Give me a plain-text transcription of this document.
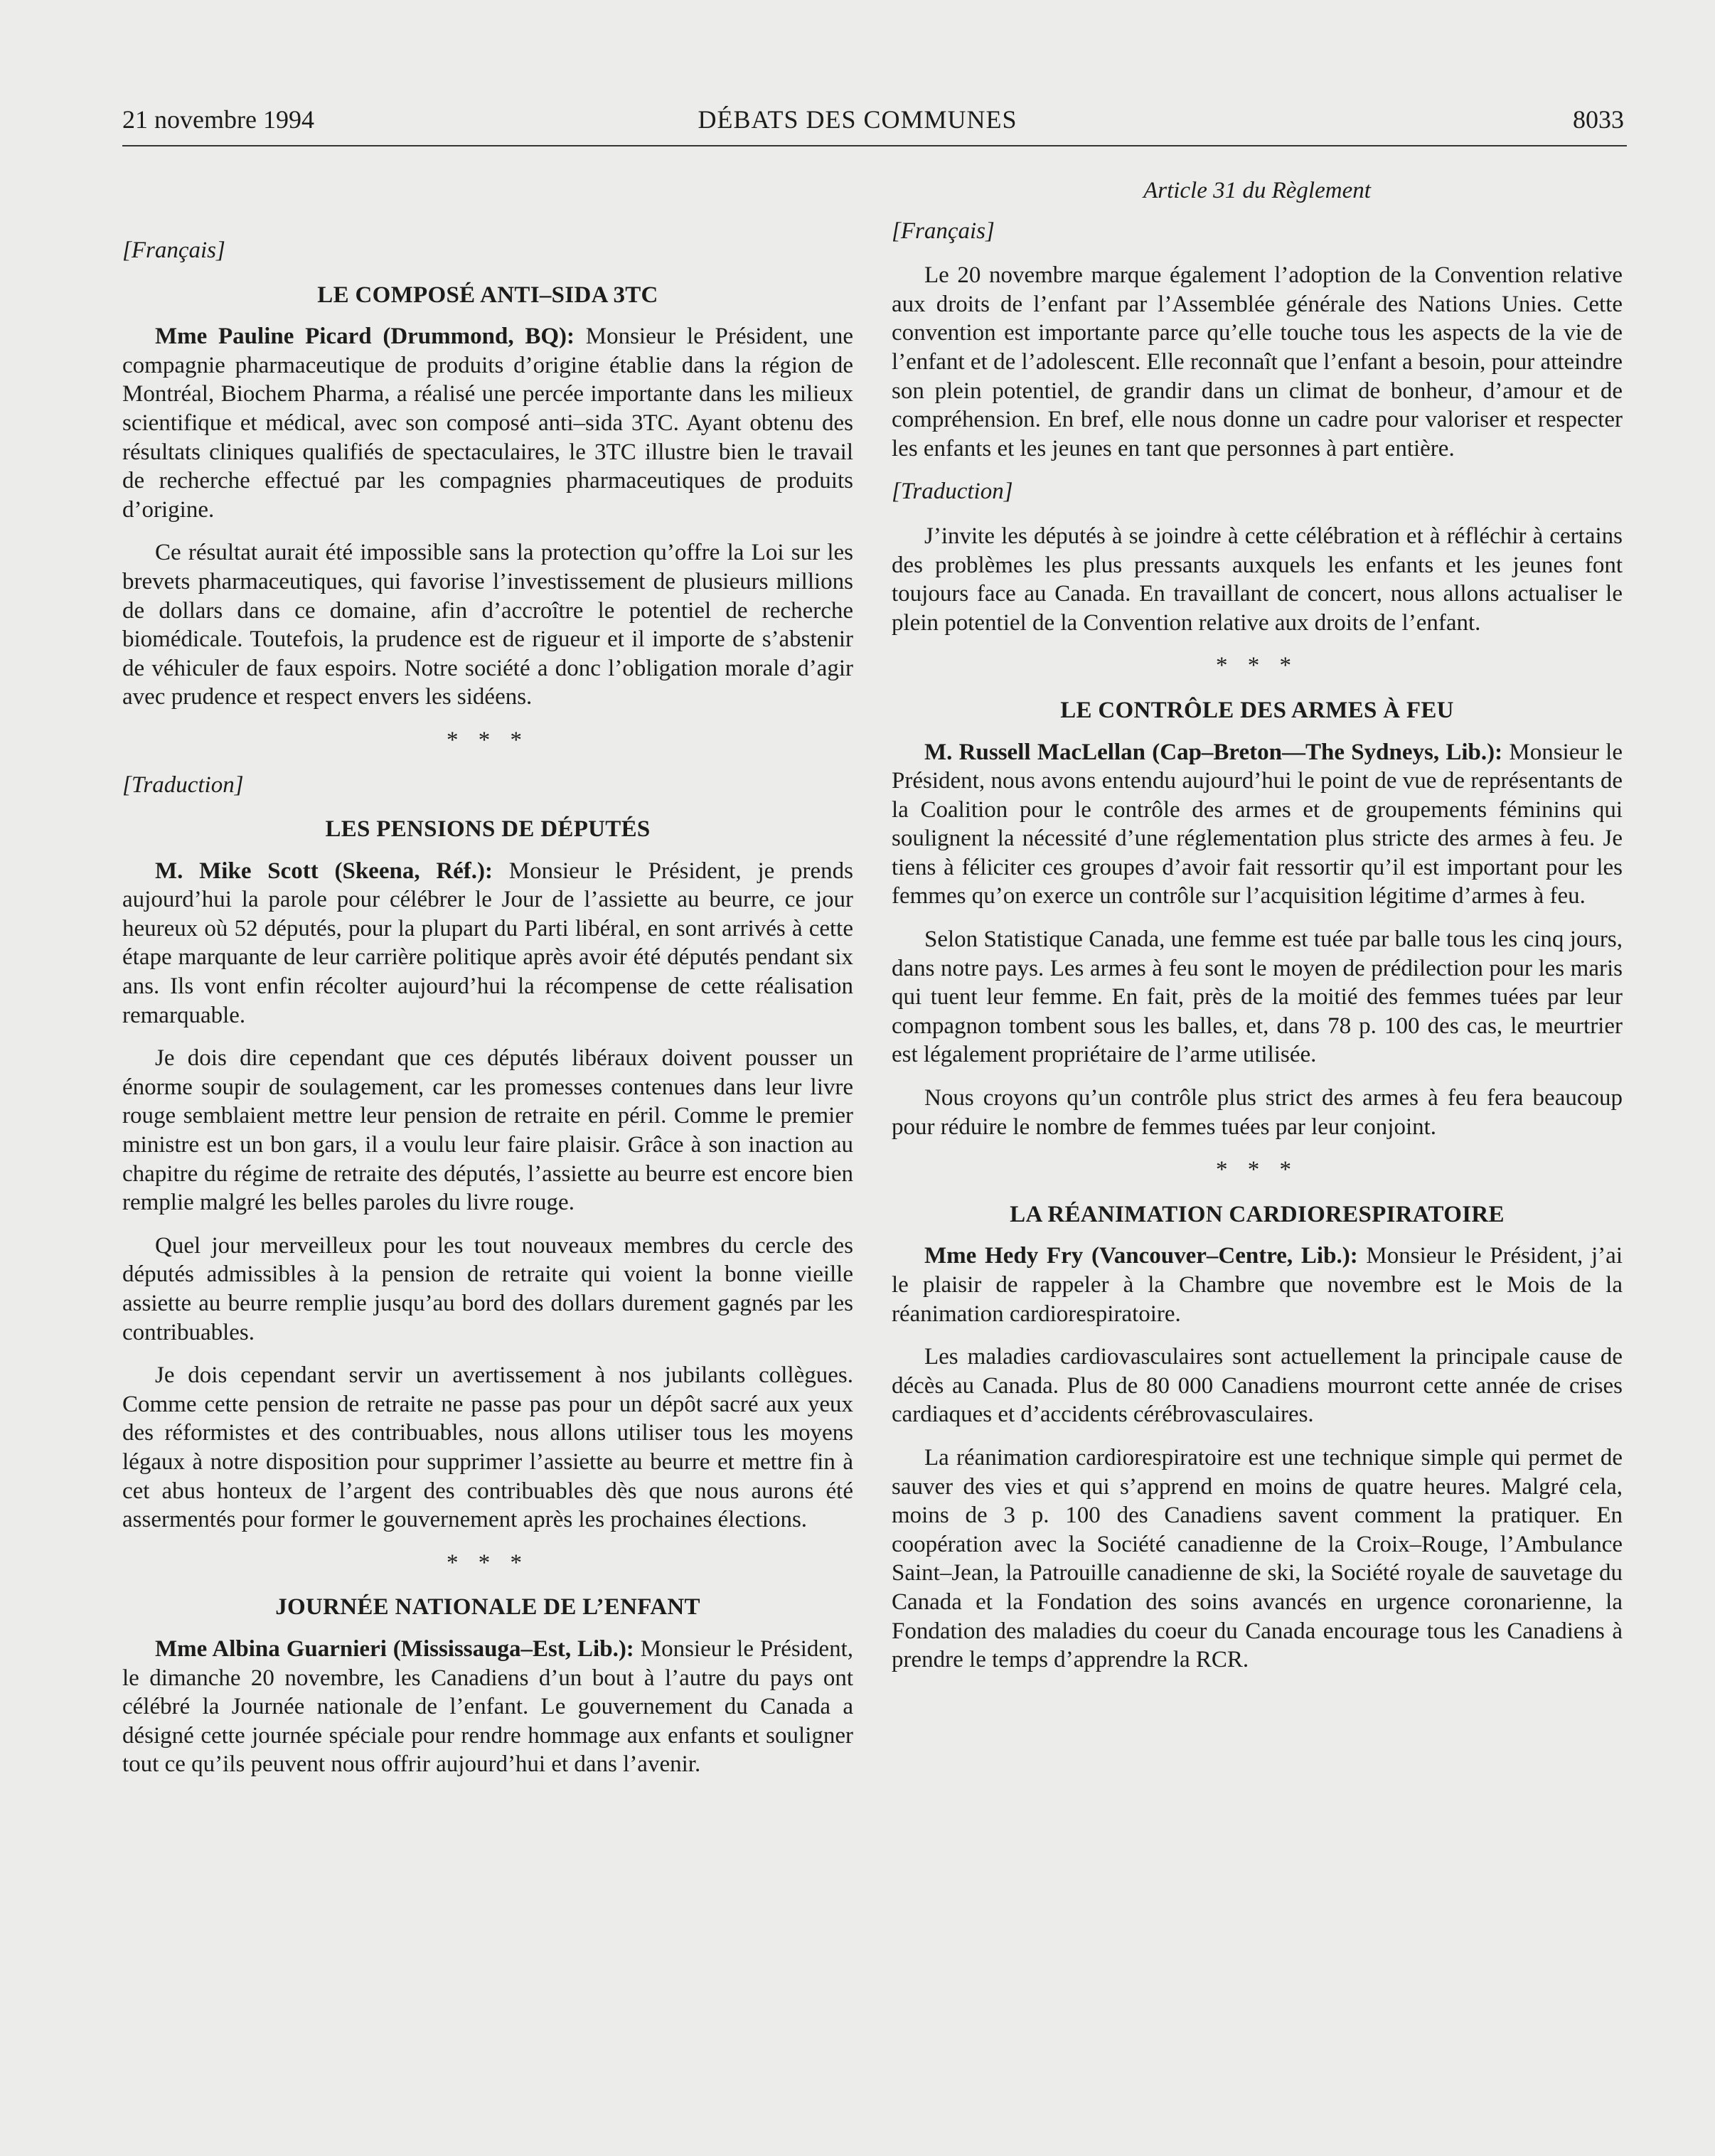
21 novembre 1994	DÉBATS DES COMMUNES	8033
[Français]
LE COMPOSÉ ANTI–SIDA 3TC

Mme Pauline Picard (Drummond, BQ): Monsieur le Président, une compagnie pharmaceutique de produits d’origine établie dans la région de Montréal, Biochem Pharma, a réalisé une percée importante dans les milieux scientifique et médical, avec son composé anti–sida 3TC. Ayant obtenu des résultats cliniques qualifiés de spectaculaires, le 3TC illustre bien le travail de recherche effectué par les compagnies pharmaceutiques de produits d’origine.

Ce résultat aurait été impossible sans la protection qu’offre la Loi sur les brevets pharmaceutiques, qui favorise l’investissement de plusieurs millions de dollars dans ce domaine, afin d’accroître le potentiel de recherche biomédicale. Toutefois, la prudence est de rigueur et il importe de s’abstenir de véhiculer de faux espoirs. Notre société a donc l’obligation morale d’agir avec prudence et respect envers les sidéens.

* * *
[Traduction]
LES PENSIONS DE DÉPUTÉS

M. Mike Scott (Skeena, Réf.): Monsieur le Président, je prends aujourd’hui la parole pour célébrer le Jour de l’assiette au beurre, ce jour heureux où 52 députés, pour la plupart du Parti libéral, en sont arrivés à cette étape marquante de leur carrière politique après avoir été députés pendant six ans. Ils vont enfin récolter aujourd’hui la récompense de cette réalisation remarquable.

Je dois dire cependant que ces députés libéraux doivent pousser un énorme soupir de soulagement, car les promesses contenues dans leur livre rouge semblaient mettre leur pension de retraite en péril. Comme le premier ministre est un bon gars, il a voulu leur faire plaisir. Grâce à son inaction au chapitre du régime de retraite des députés, l’assiette au beurre est encore bien remplie malgré les belles paroles du livre rouge.

Quel jour merveilleux pour les tout nouveaux membres du cercle des députés admissibles à la pension de retraite qui voient la bonne vieille assiette au beurre remplie jusqu’au bord des dollars durement gagnés par les contribuables.

Je dois cependant servir un avertissement à nos jubilants collègues. Comme cette pension de retraite ne passe pas pour un dépôt sacré aux yeux des réformistes et des contribuables, nous allons utiliser tous les moyens légaux à notre disposition pour supprimer l’assiette au beurre et mettre fin à cet abus honteux de l’argent des contribuables dès que nous aurons été assermentés pour former le gouvernement après les prochaines élections.

* * *
JOURNÉE NATIONALE DE L’ENFANT

Mme Albina Guarnieri (Mississauga–Est, Lib.): Monsieur le Président, le dimanche 20 novembre, les Canadiens d’un bout à l’autre du pays ont célébré la Journée nationale de l’enfant. Le gouvernement du Canada a désigné cette journée spéciale pour rendre hommage aux enfants et souligner tout ce qu’ils peuvent nous offrir aujourd’hui et dans l’avenir.

Article 31 du Règlement
[Français]

Le 20 novembre marque également l’adoption de la Convention relative aux droits de l’enfant par l’Assemblée générale des Nations Unies. Cette convention est importante parce qu’elle touche tous les aspects de la vie de l’enfant et de l’adolescent. Elle reconnaît que l’enfant a besoin, pour atteindre son plein potentiel, de grandir dans un climat de bonheur, d’amour et de compréhension. En bref, elle nous donne un cadre pour valoriser et respecter les enfants et les jeunes en tant que personnes à part entière.

[Traduction]

J’invite les députés à se joindre à cette célébration et à réfléchir à certains des problèmes les plus pressants auxquels les enfants et les jeunes font toujours face au Canada. En travaillant de concert, nous allons actualiser le plein potentiel de la Convention relative aux droits de l’enfant.

* * *
LE CONTRÔLE DES ARMES À FEU

M. Russell MacLellan (Cap–Breton—The Sydneys, Lib.): Monsieur le Président, nous avons entendu aujourd’hui le point de vue de représentants de la Coalition pour le contrôle des armes et de groupements féminins qui soulignent la nécessité d’une réglementation plus stricte des armes à feu. Je tiens à féliciter ces groupes d’avoir fait ressortir qu’il est important pour les femmes qu’on exerce un contrôle sur l’acquisition légitime d’armes à feu.

Selon Statistique Canada, une femme est tuée par balle tous les cinq jours, dans notre pays. Les armes à feu sont le moyen de prédilection pour les maris qui tuent leur femme. En fait, près de la moitié des femmes tuées par leur compagnon tombent sous les balles, et, dans 78 p. 100 des cas, le meurtrier est légalement propriétaire de l’arme utilisée.

Nous croyons qu’un contrôle plus strict des armes à feu fera beaucoup pour réduire le nombre de femmes tuées par leur conjoint.

* * *
LA RÉANIMATION CARDIORESPIRATOIRE

Mme Hedy Fry (Vancouver–Centre, Lib.): Monsieur le Président, j’ai le plaisir de rappeler à la Chambre que novembre est le Mois de la réanimation cardiorespiratoire.

Les maladies cardiovasculaires sont actuellement la principale cause de décès au Canada. Plus de 80 000 Canadiens mourront cette année de crises cardiaques et d’accidents cérébrovasculaires.

La réanimation cardiorespiratoire est une technique simple qui permet de sauver des vies et qui s’apprend en moins de quatre heures. Malgré cela, moins de 3 p. 100 des Canadiens savent comment la pratiquer. En coopération avec la Société canadienne de la Croix–Rouge, l’Ambulance Saint–Jean, la Patrouille canadienne de ski, la Société royale de sauvetage du Canada et la Fondation des soins avancés en urgence coronarienne, la Fondation des maladies du coeur du Canada encourage tous les Canadiens à prendre le temps d’apprendre la RCR.
